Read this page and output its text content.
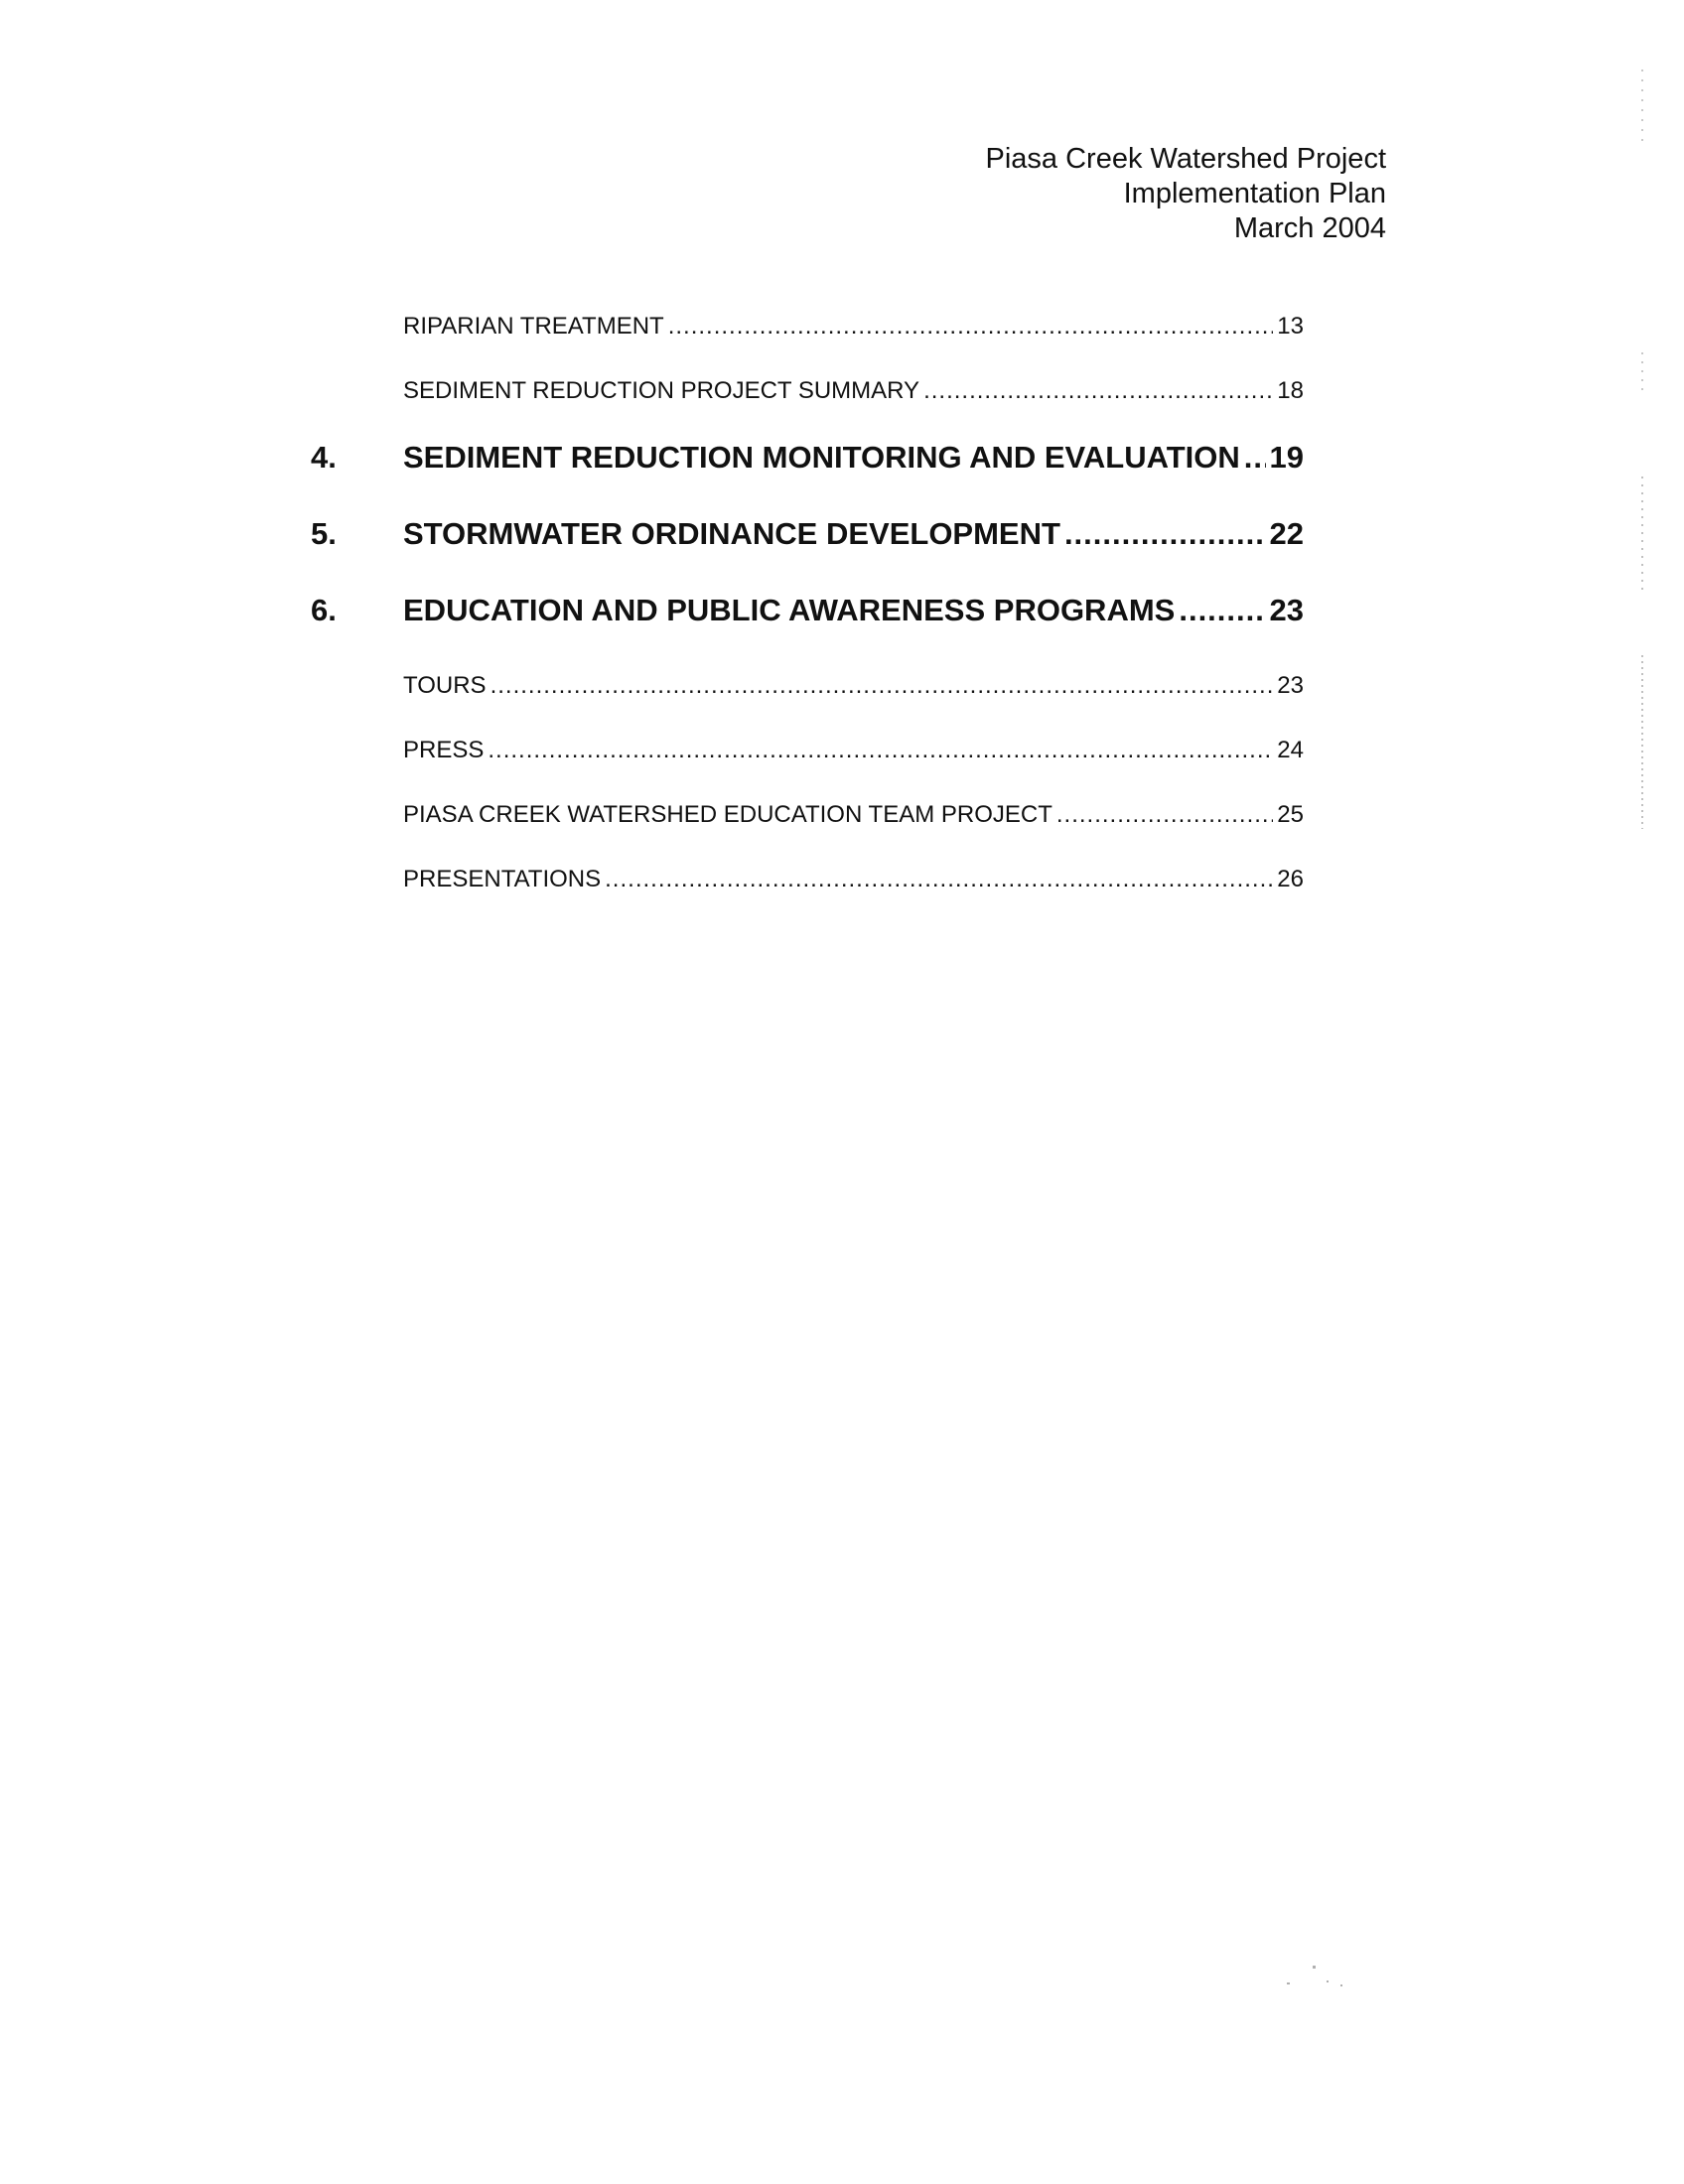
Piasa Creek Watershed Project
Implementation Plan
March 2004
RIPARIAN TREATMENT .....	13
SEDIMENT REDUCTION PROJECT SUMMARY .....	18
4.	SEDIMENT REDUCTION MONITORING AND EVALUATION ..... 19
5.	STORMWATER ORDINANCE DEVELOPMENT .....	22
6.	EDUCATION AND PUBLIC AWARENESS PROGRAMS .....	23
TOURS .....	23
PRESS .....	24
PIASA CREEK WATERSHED EDUCATION TEAM PROJECT .....	25
PRESENTATIONS .....	26
